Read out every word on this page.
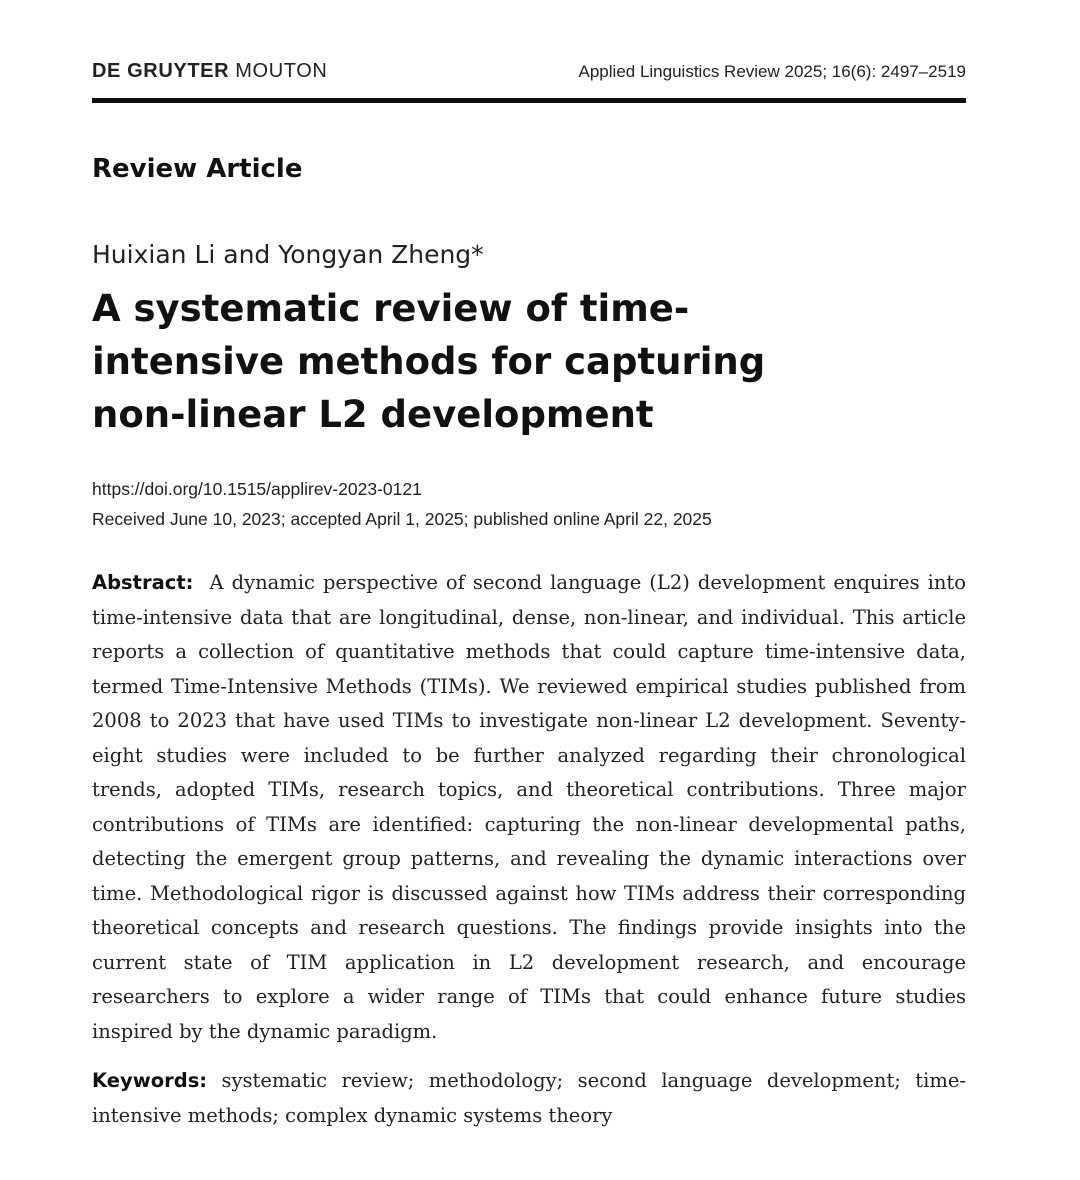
DE GRUYTER MOUTON	Applied Linguistics Review 2025; 16(6): 2497–2519
Review Article
Huixian Li and Yongyan Zheng*
A systematic review of time-intensive methods for capturing non-linear L2 development
https://doi.org/10.1515/applirev-2023-0121
Received June 10, 2023; accepted April 1, 2025; published online April 22, 2025

Abstract: A dynamic perspective of second language (L2) development enquires into time-intensive data that are longitudinal, dense, non-linear, and individual. This article reports a collection of quantitative methods that could capture time-intensive data, termed Time-Intensive Methods (TIMs). We reviewed empirical studies published from 2008 to 2023 that have used TIMs to investigate non-linear L2 development. Seventy-eight studies were included to be further analyzed regarding their chronological trends, adopted TIMs, research topics, and theoretical contributions. Three major contributions of TIMs are identified: capturing the non-linear developmental paths, detecting the emergent group patterns, and revealing the dynamic interactions over time. Methodological rigor is discussed against how TIMs address their corresponding theoretical concepts and research questions. The findings provide insights into the current state of TIM application in L2 development research, and encourage researchers to explore a wider range of TIMs that could enhance future studies inspired by the dynamic paradigm.

Keywords: systematic review; methodology; second language development; time-intensive methods; complex dynamic systems theory
